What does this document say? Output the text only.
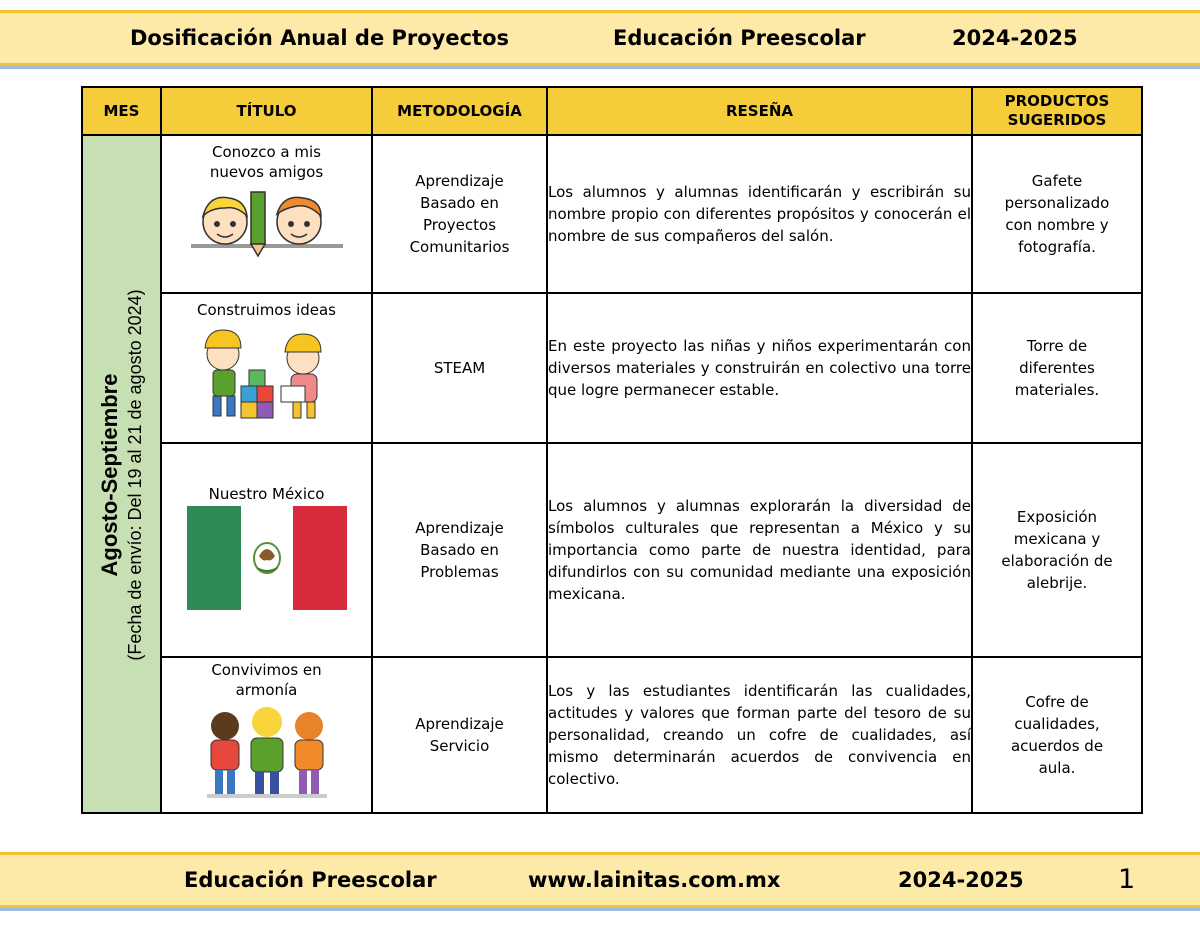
Dosificación Anual de Proyectos	Educación Preescolar	2024-2025
MES	TÍTULO	METODOLOGÍA	RESEÑA	PRODUCTOS SUGERIDOS

Agosto-Septiembre (Fecha de envío: Del 19 al 21 de agosto 2024)	Conozco a mis nuevos amigos	Aprendizaje Basado en Proyectos Comunitarios	Los alumnos y alumnas identificarán y escribirán su nombre propio con diferentes propósitos y conocerán el nombre de sus compañeros del salón.	Gafete personalizado con nombre y fotografía.

	Construimos ideas	STEAM	En este proyecto las niñas y niños experimentarán con diversos materiales y construirán en colectivo una torre que logre permanecer estable.	Torre de diferentes materiales.

	Nuestro México	Aprendizaje Basado en Problemas	Los alumnos y alumnas explorarán la diversidad de símbolos culturales que representan a México y su importancia como parte de nuestra identidad, para difundirlos con su comunidad mediante una exposición mexicana.	Exposición mexicana y elaboración de alebrije.

	Convivimos en armonía	Aprendizaje Servicio	Los y las estudiantes identificarán las cualidades, actitudes y valores que forman parte del tesoro de su personalidad, creando un cofre de cualidades, así mismo determinarán acuerdos de convivencia en colectivo.	Cofre de cualidades, acuerdos de aula.
Educación Preescolar	www.lainitas.com.mx	2024-2025	1
